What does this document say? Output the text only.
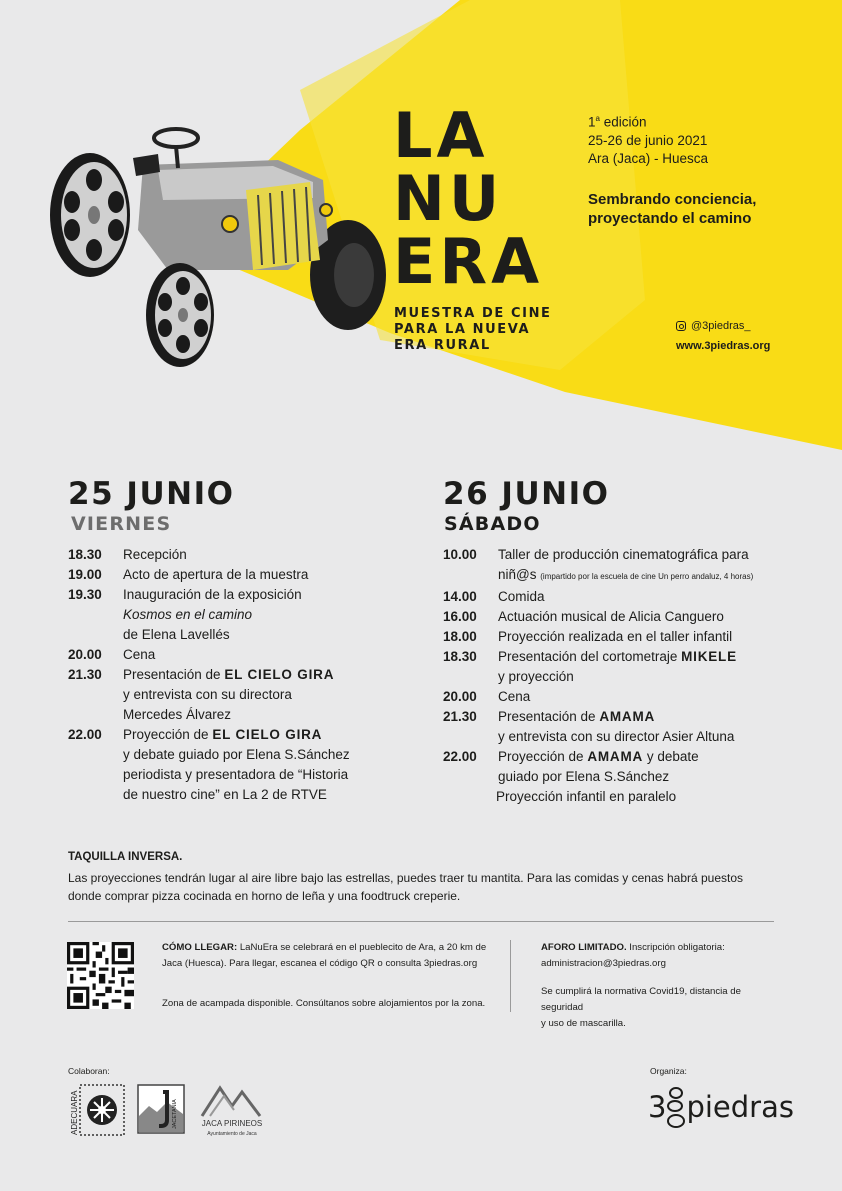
LA
NU
ERA
MUESTRA DE CINE
PARA LA NUEVA
ERA RURAL
1$^a$ edición
25-26 de junio 2021
Ara (Jaca) - Huesca
Sembrando conciencia,
proyectando el camino
@3piedras_
www.3piedras.org
25 JUNIO
VIERNES
18.30	Recepción
19.00	Acto de apertura de la muestra
19.30	Inauguración de la exposición
Kosmos en el camino
de Elena Lavellés
20.00	Cena
21.30	Presentación de EL CIELO GIRA
y entrevista con su directora
Mercedes Álvarez
22.00	Proyección de EL CIELO GIRA
y debate guiado por Elena S.Sánchez
periodista y presentadora de “Historia
de nuestro cine” en La 2 de RTVE
26 JUNIO
SÁBADO
10.00	Taller de producción cinematográfica para
niñ@s (impartido por la escuela de cine Un perro andaluz, 4 horas)
14.00	Comida
16.00	Actuación musical de Alicia Canguero
18.00	Proyección realizada en el taller infantil
18.30	Presentación del cortometraje MIKELE
y proyección
20.00	Cena
21.30	Presentación de AMAMA
y entrevista con su director Asier Altuna
22.00	Proyección de AMAMA y debate
guiado por Elena S.Sánchez
Proyección infantil en paralelo
TAQUILLA INVERSA.
Las proyecciones tendrán lugar al aire libre bajo las estrellas, puedes traer tu mantita. Para las comidas y cenas habrá puestos donde comprar pizza cocinada en horno de leña y una foodtruck creperie.
CÓMO LLEGAR: LaNuEra se celebrará en el pueblecito de Ara, a 20 km de
Jaca (Huesca). Para llegar, escanea el código QR o consulta 3piedras.org
Zona de acampada disponible. Consúltanos sobre alojamientos por la zona.
AFORO LIMITADO. Inscripción obligatoria:
administracion@3piedras.org
Se cumplirá la normativa Covid19, distancia de seguridad
y uso de mascarilla.
Colaboran:	Organiza:
ADECUARA	JACETANIA	JACA PIRINEOS
Ayuntamiento de Jaca
3 piedras
